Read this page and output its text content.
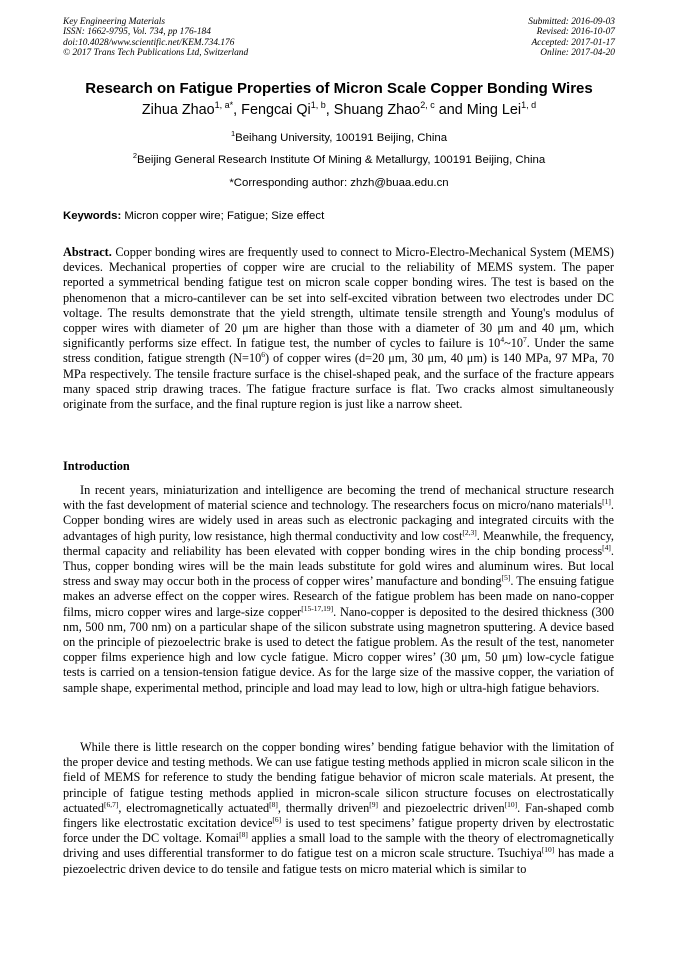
Key Engineering Materials
ISSN: 1662-9795, Vol. 734, pp 176-184
doi:10.4028/www.scientific.net/KEM.734.176
© 2017 Trans Tech Publications Ltd, Switzerland
Submitted: 2016-09-03
Revised: 2016-10-07
Accepted: 2017-01-17
Online: 2017-04-20
Research on Fatigue Properties of Micron Scale Copper Bonding Wires
Zihua Zhao$^{1, a*}$, Fengcai Qi$^{1, b}$, Shuang Zhao$^{2, c}$ and Ming Lei$^{1, d}$
$^1$Beihang University, 100191 Beijing, China
$^2$Beijing General Research Institute Of Mining & Metallurgy, 100191 Beijing, China
*Corresponding author: zhzh@buaa.edu.cn
Keywords: Micron copper wire; Fatigue; Size effect
Abstract. Copper bonding wires are frequently used to connect to Micro-Electro-Mechanical System (MEMS) devices. Mechanical properties of copper wire are crucial to the reliability of MEMS system. The paper reported a symmetrical bending fatigue test on micron scale copper bonding wires. The test is based on the phenomenon that a micro-cantilever can be set into self-excited vibration between two electrodes under DC voltage. The results demonstrate that the yield strength, ultimate tensile strength and Young's modulus of copper wires with diameter of 20 μm are higher than those with a diameter of 30 μm and 40 μm, which significantly performs size effect. In fatigue test, the number of cycles to failure is $10^4\sim 10^7$. Under the same stress condition, fatigue strength $(N=10^6)$ of copper wires (d=20 μm, 30 μm, 40 μm) is 140 MPa, 97 MPa, 70 MPa respectively. The tensile fracture surface is the chisel-shaped peak, and the surface of the fracture appears many spaced strip drawing traces. The fatigue fracture surface is flat. Two cracks almost simultaneously originate from the surface, and the final rupture region is just like a narrow sheet.
Introduction
In recent years, miniaturization and intelligence are becoming the trend of mechanical structure research with the fast development of material science and technology. The researchers focus on micro/nano materials[1]. Copper bonding wires are widely used in areas such as electronic packaging and integrated circuits with the advantages of high purity, low resistance, high thermal conductivity and low cost[2,3]. Meanwhile, the frequency, thermal capacity and reliability has been elevated with copper bonding wires in the chip bonding process[4]. Thus, copper bonding wires will be the main leads substitute for gold wires and aluminum wires. But local stress and sway may occur both in the process of copper wires’ manufacture and bonding[5]. The ensuing fatigue makes an adverse effect on the copper wires. Research of the fatigue problem has been made on nano-copper films, micro copper wires and large-size copper[15-17,19]. Nano-copper is deposited to the desired thickness (300 nm, 500 nm, 700 nm) on a particular shape of the silicon substrate using magnetron sputtering. A device based on the principle of piezoelectric brake is used to detect the fatigue problem. As the result of the test, nanometer copper films experience high and low cycle fatigue. Micro copper wires’ (30 μm, 50 μm) low-cycle fatigue tests is carried on a tension-tension fatigue device. As for the large size of the massive copper, the variation of sample shape, experimental method, principle and load may lead to low, high or ultra-high fatigue behaviors.
While there is little research on the copper bonding wires’ bending fatigue behavior with the limitation of the proper device and testing methods. We can use fatigue testing methods applied in micron scale silicon in the field of MEMS for reference to study the bending fatigue behavior of micron scale materials. At present, the principle of fatigue testing methods applied in micron-scale silicon structure focuses on electrostatically actuated[6,7], electromagnetically actuated[8], thermally driven[9] and piezoelectric driven[10]. Fan-shaped comb fingers like electrostatic excitation device[6] is used to test specimens’ fatigue property driven by electrostatic force under the DC voltage. Komai[8] applies a small load to the sample with the theory of electromagnetically driving and uses differential transformer to do fatigue test on a micron scale structure. Tsuchiya[10] has made a piezoelectric driven device to do tensile and fatigue tests on micro material which is similar to
